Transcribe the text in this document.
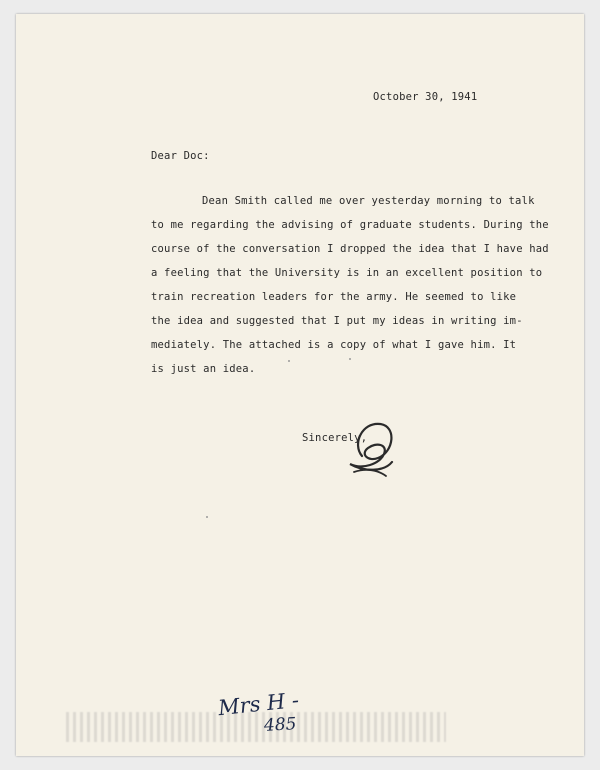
October 30, 1941
Dear Doc:
Dean Smith called me over yesterday morning to talk
to me regarding the advising of graduate students. During the
course of the conversation I dropped the idea that I have had
a feeling that the University is in an excellent position to
train recreation leaders for the army. He seemed to like
the idea and suggested that I put my ideas in writing im-
mediately. The attached is a copy of what I gave him. It
is just an idea.
Sincerely,
Mrs H -
485
